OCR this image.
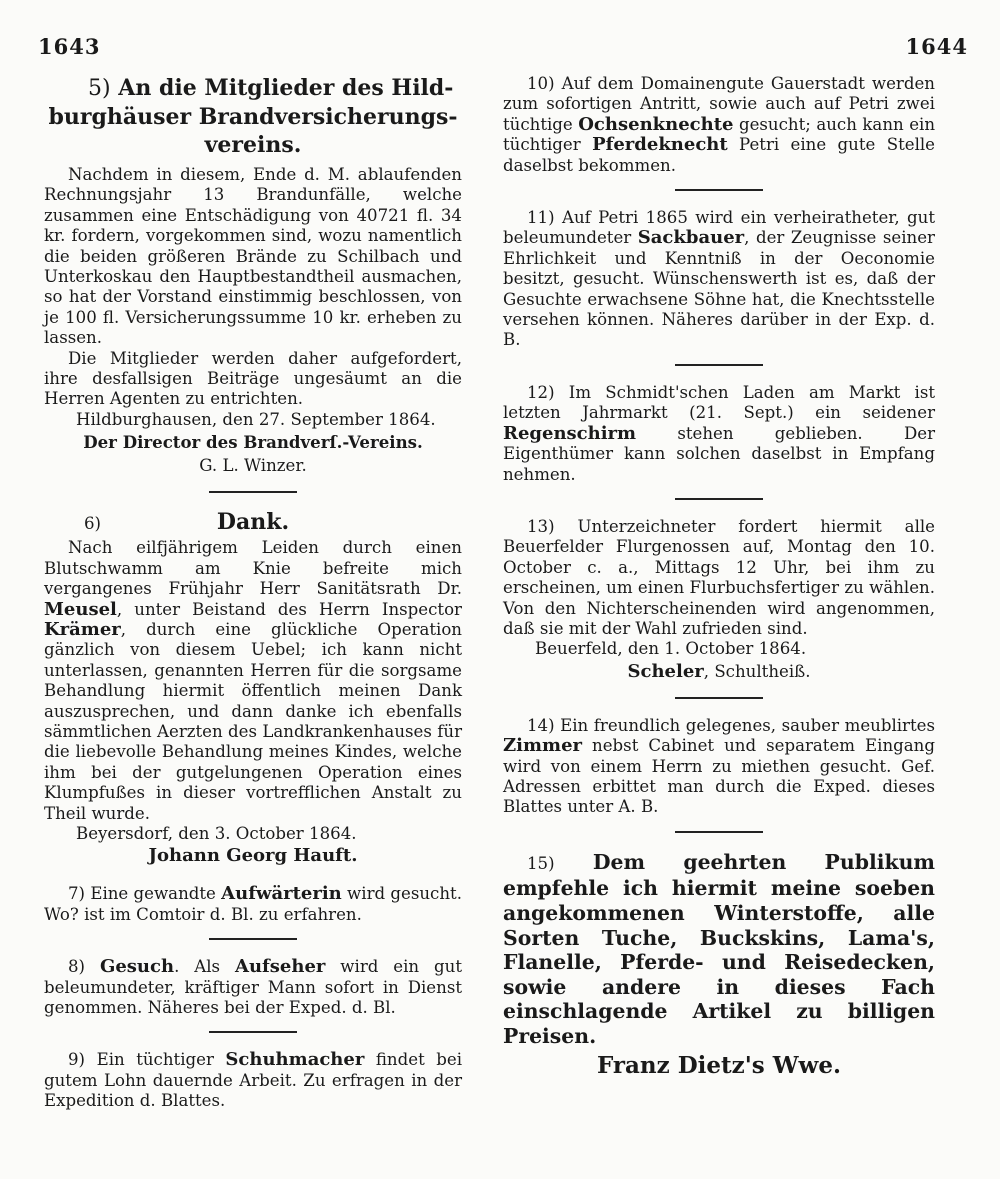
1643	1644
5) An die Mitglieder des Hild-
burghäuser Brandversicherungs-
vereins.

Nachdem in diesem, Ende d. M. ablaufenden Rechnungsjahr 13 Brandunfälle, welche zusammen eine Entschädigung von 40721 fl. 34 kr. fordern, vorgekommen sind, wozu namentlich die beiden größeren Brände zu Schilbach und Unterkoskau den Hauptbestandtheil ausmachen, so hat der Vorstand einstimmig beschlossen, von je 100 fl. Versicherungssumme 10 kr. erheben zu lassen.

Die Mitglieder werden daher aufgefordert, ihre desfallsigen Beiträge ungesäumt an die Herren Agenten zu entrichten.

Hildburghausen, den 27. September 1864.

Der Director des Brandverſ.-Vereins.
G. L. Winzer.
6)	Dank.

Nach eilfjährigem Leiden durch einen Blutschwamm am Knie befreite mich vergangenes Frühjahr Herr Sanitätsrath Dr. Meusel, unter Beistand des Herrn Inspector Krämer, durch eine glückliche Operation gänzlich von diesem Uebel; ich kann nicht unterlassen, genannten Herren für die sorgsame Behandlung hiermit öffentlich meinen Dank auszusprechen, und dann danke ich ebenfalls sämmtlichen Aerzten des Landkrankenhauses für die liebevolle Behandlung meines Kindes, welche ihm bei der gutgelungenen Operation eines Klumpfußes in dieser vortrefflichen Anstalt zu Theil wurde.

Beyersdorf, den 3. October 1864.

Johann Georg Hauft.

7) Eine gewandte Aufwärterin wird gesucht. Wo? ist im Comtoir d. Bl. zu erfahren.

8) Gesuch. Als Aufseher wird ein gut beleumundeter, kräftiger Mann sofort in Dienst genommen. Näheres bei der Exped. d. Bl.

9) Ein tüchtiger Schuhmacher findet bei gutem Lohn dauernde Arbeit. Zu erfragen in der Expedition d. Blattes.

10) Auf dem Domainengute Gauerstadt werden zum sofortigen Antritt, sowie auch auf Petri zwei tüchtige Ochsenknechte gesucht; auch kann ein tüchtiger Pferdeknecht Petri eine gute Stelle daselbst bekommen.

11) Auf Petri 1865 wird ein verheiratheter, gut beleumundeter Sackbauer, der Zeugnisse seiner Ehrlichkeit und Kenntniß in der Oeconomie besitzt, gesucht. Wünschenswerth ist es, daß der Gesuchte erwachsene Söhne hat, die Knechtsstelle versehen können. Näheres darüber in der Exp. d. B.

12) Im Schmidt'schen Laden am Markt ist letzten Jahrmarkt (21. Sept.) ein seidener Regenschirm stehen geblieben. Der Eigenthümer kann solchen daselbst in Empfang nehmen.

13) Unterzeichneter fordert hiermit alle Beuerfelder Flurgenossen auf, Montag den 10. October c. a., Mittags 12 Uhr, bei ihm zu erscheinen, um einen Flurbuchsfertiger zu wählen. Von den Nichterscheinenden wird angenommen, daß sie mit der Wahl zufrieden sind.

Beuerfeld, den 1. October 1864.

Scheler, Schultheiß.

14) Ein freundlich gelegenes, sauber meublirtes Zimmer nebst Cabinet und separatem Eingang wird von einem Herrn zu miethen gesucht. Gef. Adressen erbittet man durch die Exped. dieses Blattes unter A. B.

15) Dem geehrten Publikum empfehle ich hiermit meine soeben angekommenen Winterstoffe, alle Sorten Tuche, Buckskins, Lama's, Flanelle, Pferde- und Reisedecken, sowie andere in dieses Fach einschlagende Artikel zu billigen Preisen.

Franz Dietz's Wwe.
